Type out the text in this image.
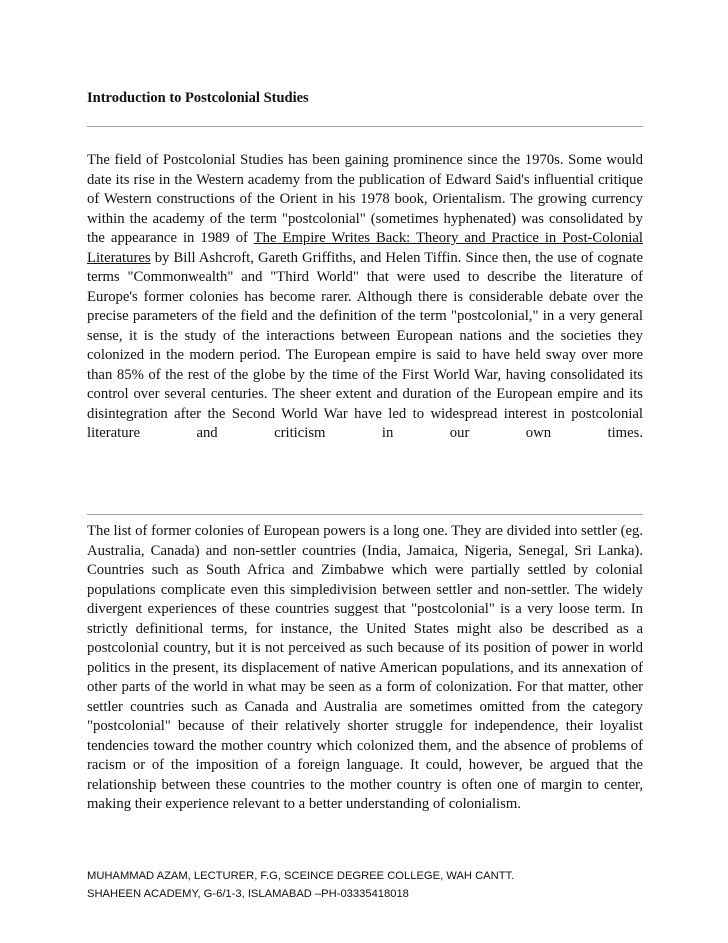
Introduction to Postcolonial Studies

The field of Postcolonial Studies has been gaining prominence since the 1970s. Some would date its rise in the Western academy from the publication of Edward Said's influential critique of Western constructions of the Orient in his 1978 book, Orientalism. The growing currency within the academy of the term "postcolonial" (sometimes hyphenated) was consolidated by the appearance in 1989 of The Empire Writes Back: Theory and Practice in Post-Colonial Literatures by Bill Ashcroft, Gareth Griffiths, and Helen Tiffin. Since then, the use of cognate terms "Commonwealth" and "Third World" that were used to describe the literature of Europe's former colonies has become rarer. Although there is considerable debate over the precise parameters of the field and the definition of the term "postcolonial," in a very general sense, it is the study of the interactions between European nations and the societies they colonized in the modern period. The European empire is said to have held sway over more than 85% of the rest of the globe by the time of the First World War, having consolidated its control over several centuries. The sheer extent and duration of the European empire and its disintegration after the Second World War have led to widespread interest in postcolonial literature and criticism in our own times.

The list of former colonies of European powers is a long one. They are divided into settler (eg. Australia, Canada) and non-settler countries (India, Jamaica, Nigeria, Senegal, Sri Lanka). Countries such as South Africa and Zimbabwe which were partially settled by colonial populations complicate even this simpledivision between settler and non-settler. The widely divergent experiences of these countries suggest that "postcolonial" is a very loose term. In strictly definitional terms, for instance, the United States might also be described as a postcolonial country, but it is not perceived as such because of its position of power in world politics in the present, its displacement of native American populations, and its annexation of other parts of the world in what may be seen as a form of colonization. For that matter, other settler countries such as Canada and Australia are sometimes omitted from the category "postcolonial" because of their relatively shorter struggle for independence, their loyalist tendencies toward the mother country which colonized them, and the absence of problems of racism or of the imposition of a foreign language. It could, however, be argued that the relationship between these countries to the mother country is often one of margin to center,
making their experience relevant to a better understanding of colonialism.
MUHAMMAD AZAM, LECTURER, F.G, SCEINCE DEGREE COLLEGE, WAH CANTT.
SHAHEEN ACADEMY, G-6/1-3, ISLAMABAD –PH-03335418018
